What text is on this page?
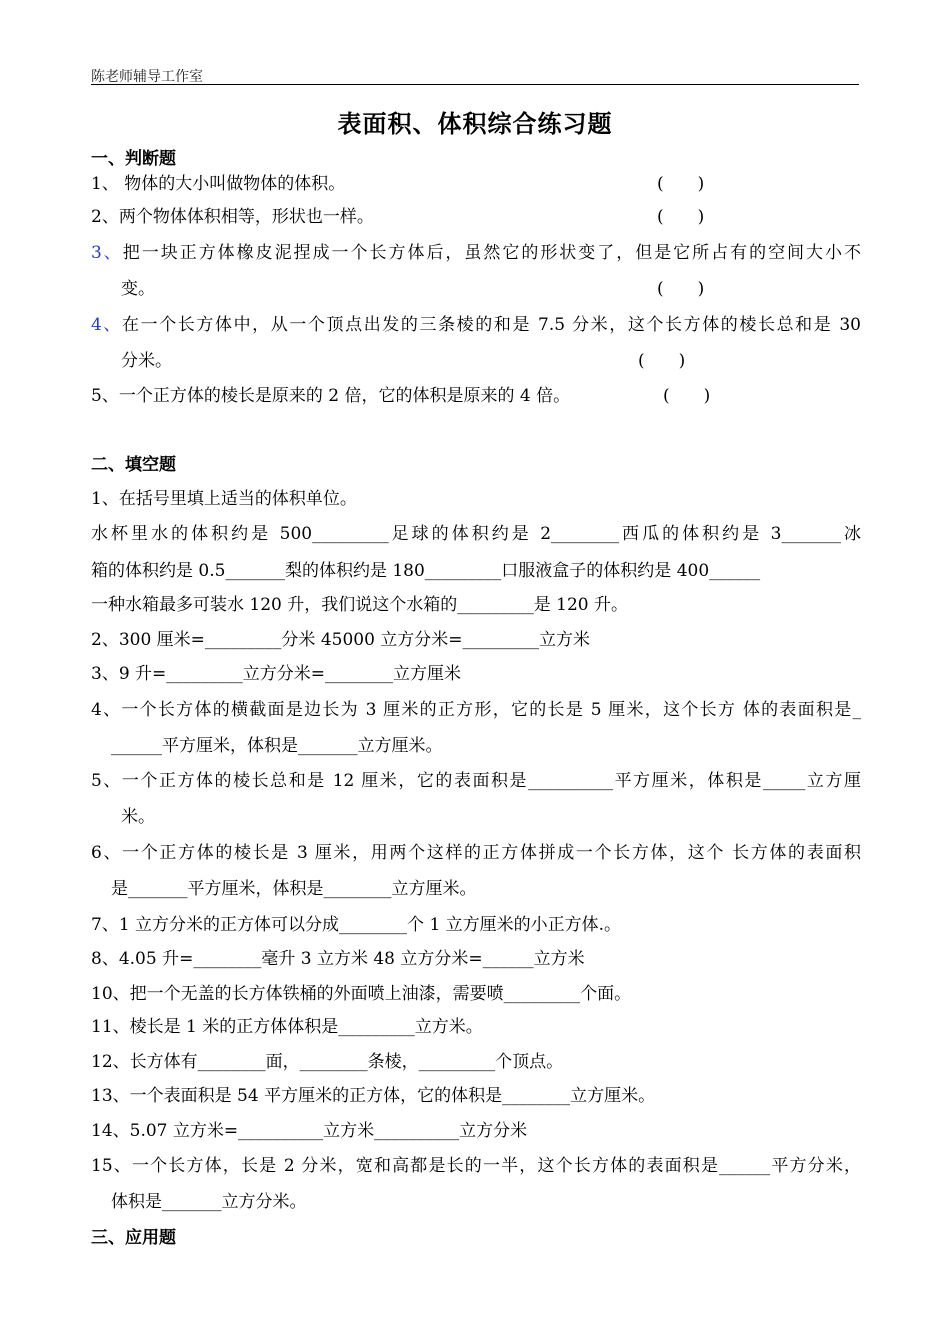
陈老师辅导工作室
表面积、体积综合练习题
一、判断题
1、 物体的大小叫做物体的体积。	(　　)
2、两个物体体积相等，形状也一样。	(　　)
3、把一块正方体橡皮泥捏成一个长方体后，虽然它的形状变了，但是它所占有的空间大小不
变。	(　　)
4、在一个长方体中，从一个顶点出发的三条棱的和是 7.5 分米，这个长方体的棱长总和是 30
分米。	(　　)
5、一个正方体的棱长是原来的 2 倍，它的体积是原来的 4 倍。	(　　)
二、填空题
1、在括号里填上适当的体积单位。
水杯里水的体积约是 500_________足球的体积约是 2________西瓜的体积约是 3_______冰
箱的体积约是 0.5_______梨的体积约是 180_________口服液盒子的体积约是 400______
一种水箱最多可装水 120 升，我们说这个水箱的_________是 120 升。
2、300 厘米=_________分米 45000 立方分米=_________立方米
3、9 升=_________立方分米=________立方厘米
4、一个长方体的横截面是边长为 3 厘米的正方形，它的长是 5 厘米，这个长方 体的表面积是_
______平方厘米，体积是_______立方厘米。
5、一个正方体的棱长总和是 12 厘米，它的表面积是__________平方厘米，体积是_____立方厘
米。
6、一个正方体的棱长是 3 厘米，用两个这样的正方体拼成一个长方体，这个 长方体的表面积
是_______平方厘米，体积是________立方厘米。
7、1 立方分米的正方体可以分成________个 1 立方厘米的小正方体.。
8、4.05 升=________毫升 3 立方米 48 立方分米=______立方米
10、把一个无盖的长方体铁桶的外面喷上油漆，需要喷_________个面。
11、棱长是 1 米的正方体体积是_________立方米。
12、长方体有________面，________条棱，_________个顶点。
13、一个表面积是 54 平方厘米的正方体，它的体积是________立方厘米。
14、5.07 立方米=__________立方米__________立方分米
15、一个长方体，长是 2 分米，宽和高都是长的一半，这个长方体的表面积是______平方分米，
体积是_______立方分米。
三、应用题
